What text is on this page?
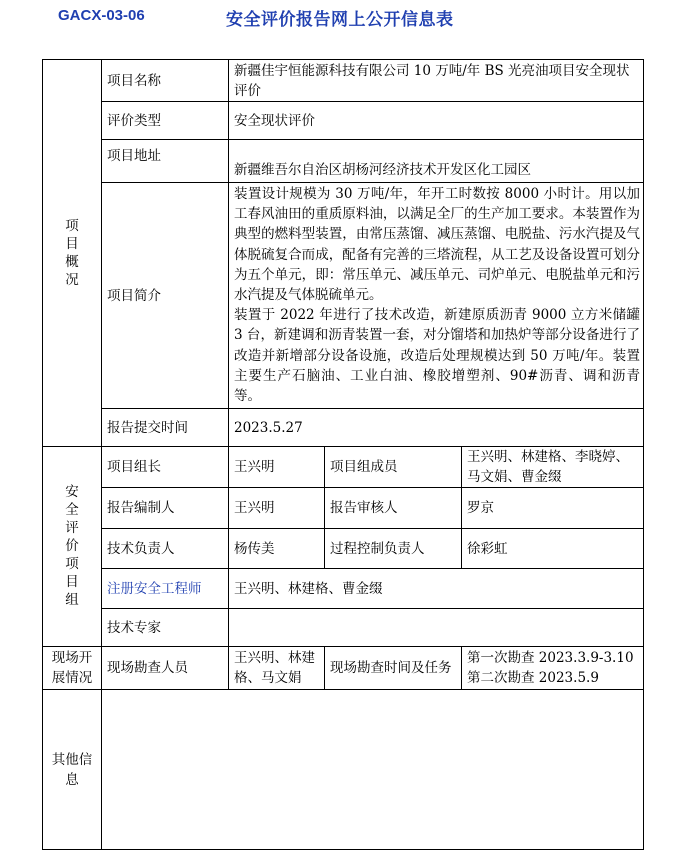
GACX-03-06	安全评价报告网上公开信息表
项目概况	项目名称	新疆佳宇恒能源科技有限公司 10 万吨/年 BS 光亮油项目安全现状评价		
	评价类型	安全现状评价		
	项目地址	新疆维吾尔自治区胡杨河经济技术开发区化工园区		
	项目简介	装置设计规模为 30 万吨/年，年开工时数按 8000 小时计。用以加工春风油田的重质原料油，以满足全厂的生产加工要求。本装置作为典型的燃料型装置，由常压蒸馏、减压蒸馏、电脱盐、污水汽提及气体脱硫复合而成，配备有完善的三塔流程，从工艺及设备设置可划分为五个单元，即：常压单元、减压单元、司炉单元、电脱盐单元和污水汽提及气体脱硫单元。

装置于 2022 年进行了技术改造，新建原质沥青 9000 立方米储罐 3 台，新建调和沥青装置一套，对分馏塔和加热炉等部分设备进行了改造并新增部分设备设施，改造后处理规模达到 50 万吨/年。装置主要生产石脑油、工业白油、橡胶增塑剂、90#沥青、调和沥青等。		

	报告提交时间	2023.5.27		

安全评价项目组	项目组长	王兴明	项目组成员	王兴明、林建格、李晓婷、马文娟、曹金缀
	报告编制人	王兴明	报告审核人	罗京
	技术负责人	杨传美	过程控制负责人	徐彩虹
	注册安全工程师	王兴明、林建格、曹金缀		
	技术专家			
现场开展情况	现场勘查人员	王兴明、林建格、马文娟	现场勘查时间及任务	第一次勘查 2023.3.9-3.10
第二次勘查 2023.5.9

其他信息				
